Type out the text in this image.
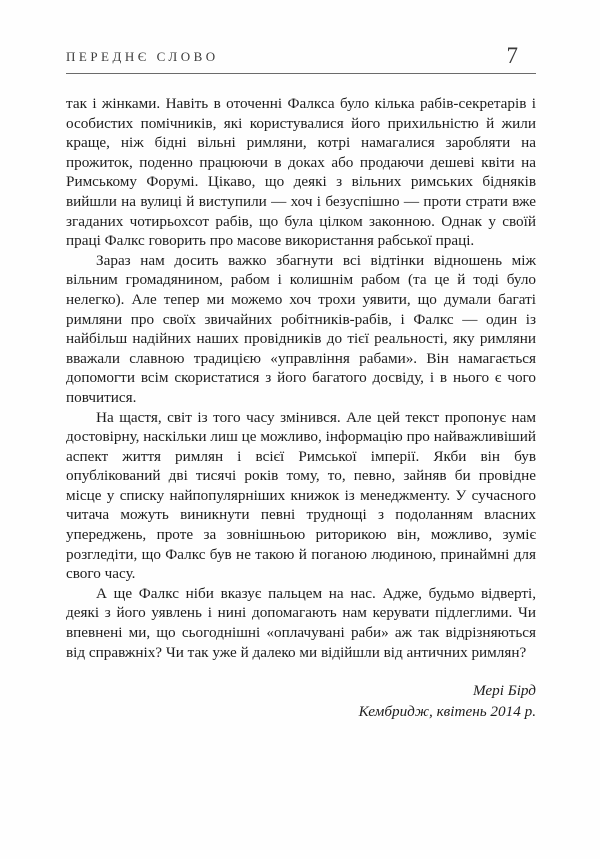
ПЕРЕДНЄ СЛОВО	7

так і жінками. Навіть в оточенні Фалкса було кілька рабів-секретарів і особистих помічників, які користувалися його прихильністю й жили краще, ніж бідні вільні римляни, котрі намагалися заробляти на прожиток, поденно працюючи в доках або продаючи дешеві квіти на Римському Форумі. Цікаво, що деякі з вільних римських бідняків вийшли на вулиці й виступили — хоч і безуспішно — проти страти вже згаданих чотирьохсот рабів, що була цілком законною. Однак у своїй праці Фалкс говорить про масове використання рабської праці.

Зараз нам досить важко збагнути всі відтінки відношень між вільним громадянином, рабом і колишнім рабом (та це й тоді було нелегко). Але тепер ми можемо хоч трохи уявити, що думали багаті римляни про своїх звичайних робітників-рабів, і Фалкс — один із найбільш надійних наших провідників до тієї реальності, яку римляни вважали славною традицією «управління рабами». Він намагається допомогти всім скористатися з його багатого досвіду, і в нього є чого повчитися.

На щастя, світ із того часу змінився. Але цей текст пропонує нам достовірну, наскільки лиш це можливо, інформацію про найважливіший аспект життя римлян і всієї Римської імперії. Якби він був опублікований дві тисячі років тому, то, певно, зайняв би провідне місце у списку найпопулярніших книжок із менеджменту. У сучасного читача можуть виникнути певні труднощі з подоланням власних упереджень, проте за зовнішньою риторикою він, можливо, зуміє розгледіти, що Фалкс був не такою й поганою людиною, принаймні для свого часу.

А ще Фалкс ніби вказує пальцем на нас. Адже, будьмо відверті, деякі з його уявлень і нині допомагають нам керувати підлеглими. Чи впевнені ми, що сьогоднішні «оплачувані раби» аж так відрізняються від справжніх? Чи так уже й далеко ми відійшли від античних римлян?

Мері Бірд

Кембридж, квітень 2014 р.
